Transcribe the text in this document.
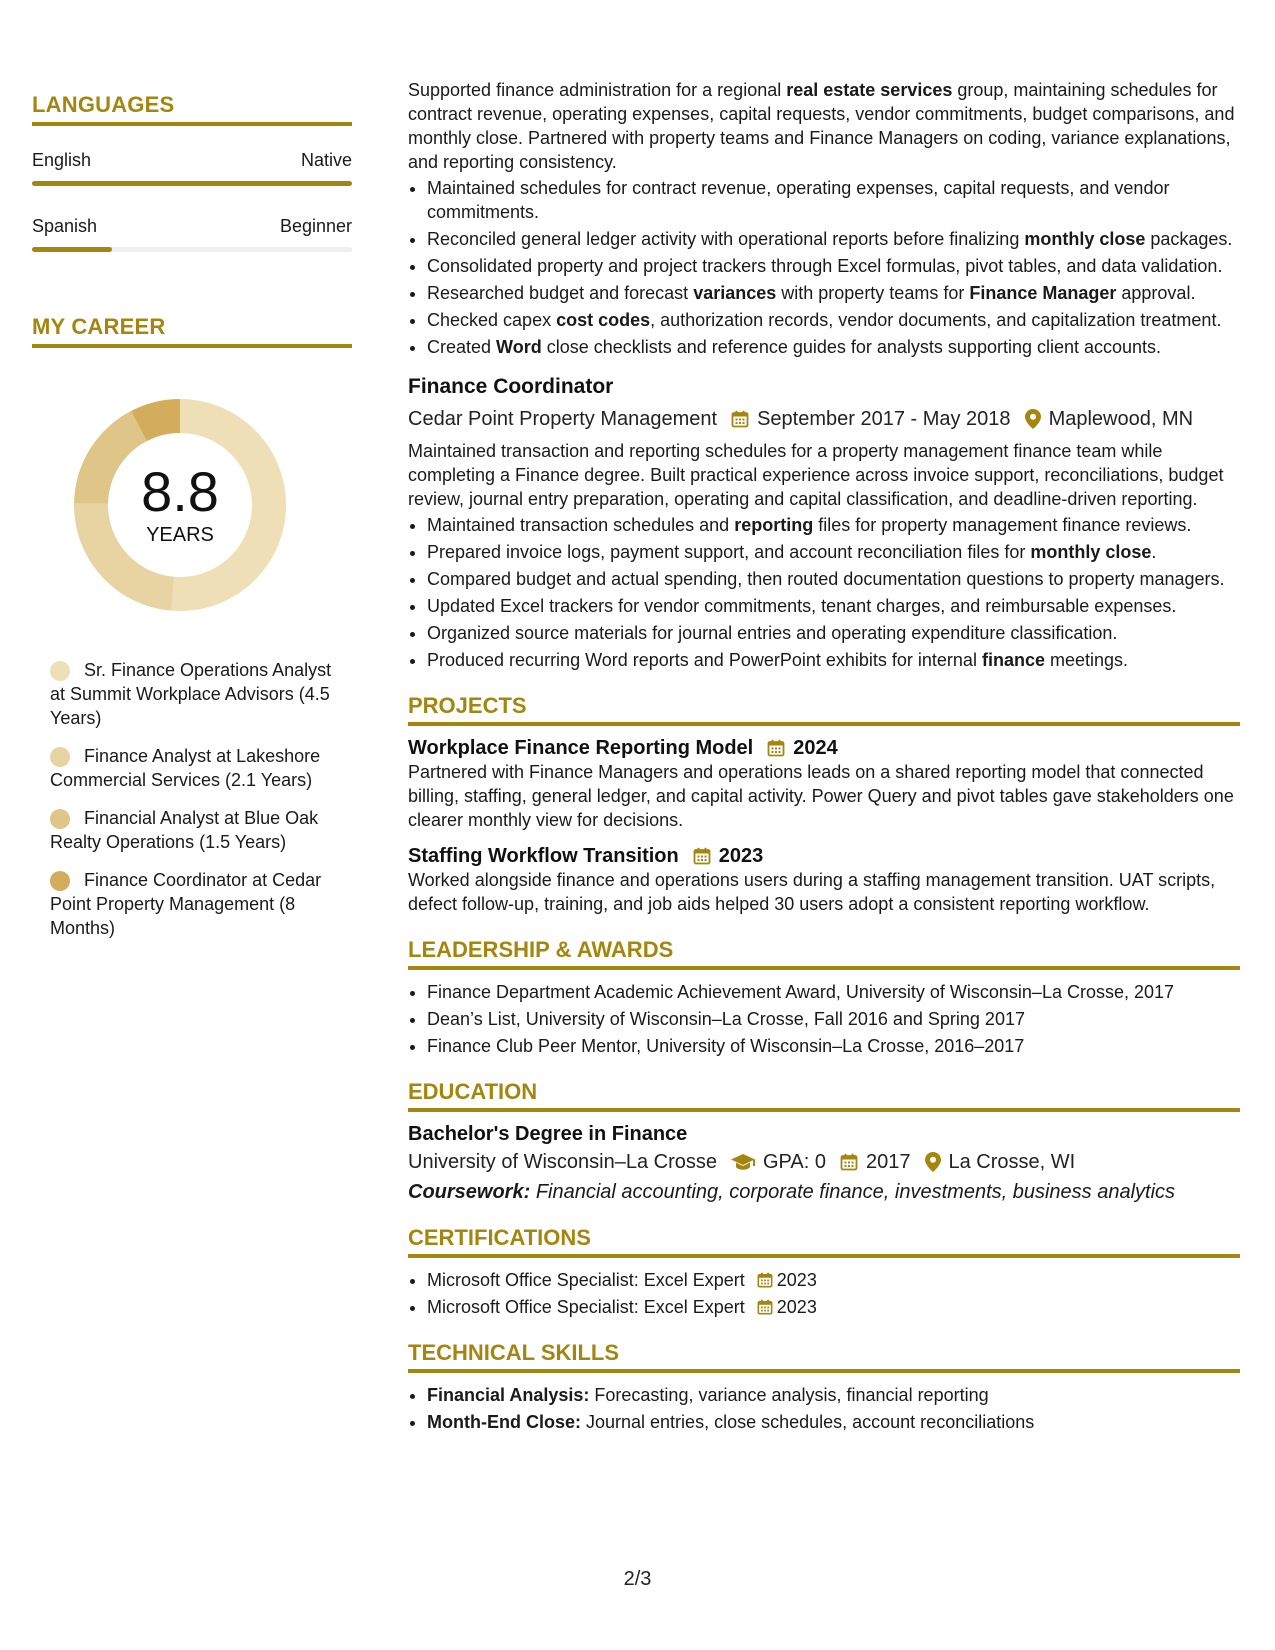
LANGUAGES
English	Native
Spanish	Beginner
MY CAREER
8.8
YEARS
Sr. Finance Operations Analyst at Summit Workplace Advisors (4.5 Years)
Finance Analyst at Lakeshore Commercial Services (2.1 Years)
Financial Analyst at Blue Oak Realty Operations (1.5 Years)
Finance Coordinator at Cedar Point Property Management (8 Months)

Supported finance administration for a regional real estate services group, maintaining schedules for contract revenue, operating expenses, capital requests, vendor commitments, budget comparisons, and monthly close. Partnered with property teams and Finance Managers on coding, variance explanations, and reporting consistency.

• Maintained schedules for contract revenue, operating expenses, capital requests, and vendor commitments.
• Reconciled general ledger activity with operational reports before finalizing monthly close packages.
• Consolidated property and project trackers through Excel formulas, pivot tables, and data validation.
• Researched budget and forecast variances with property teams for Finance Manager approval.
• Checked capex cost codes, authorization records, vendor documents, and capitalization treatment.
• Created Word close checklists and reference guides for analysts supporting client accounts.
Finance Coordinator
Cedar Point Property Management September 2017 - May 2018 Maplewood, MN

Maintained transaction and reporting schedules for a property management finance team while completing a Finance degree. Built practical experience across invoice support, reconciliations, budget review, journal entry preparation, operating and capital classification, and deadline-driven reporting.

• Maintained transaction schedules and reporting files for property management finance reviews.
• Prepared invoice logs, payment support, and account reconciliation files for monthly close.
• Compared budget and actual spending, then routed documentation questions to property managers.
• Updated Excel trackers for vendor commitments, tenant charges, and reimbursable expenses.
• Organized source materials for journal entries and operating expenditure classification.
• Produced recurring Word reports and PowerPoint exhibits for internal finance meetings.
PROJECTS
Workplace Finance Reporting Model 2024

Partnered with Finance Managers and operations leads on a shared reporting model that connected billing, staffing, general ledger, and capital activity. Power Query and pivot tables gave stakeholders one clearer monthly view for decisions.

Staffing Workflow Transition 2023

Worked alongside finance and operations users during a staffing management transition. UAT scripts, defect follow-up, training, and job aids helped 30 users adopt a consistent reporting workflow.

LEADERSHIP & AWARDS
• Finance Department Academic Achievement Award, University of Wisconsin–La Crosse, 2017
• Dean’s List, University of Wisconsin–La Crosse, Fall 2016 and Spring 2017
• Finance Club Peer Mentor, University of Wisconsin–La Crosse, 2016–2017
EDUCATION
Bachelor's Degree in Finance
University of Wisconsin–La Crosse GPA: 0 2017 La Crosse, WI
Coursework: Financial accounting, corporate finance, investments, business analytics
CERTIFICATIONS
• Microsoft Office Specialist: Excel Expert 2023
• Microsoft Office Specialist: Excel Expert 2023
TECHNICAL SKILLS
• Financial Analysis: Forecasting, variance analysis, financial reporting
• Month-End Close: Journal entries, close schedules, account reconciliations
2/3
